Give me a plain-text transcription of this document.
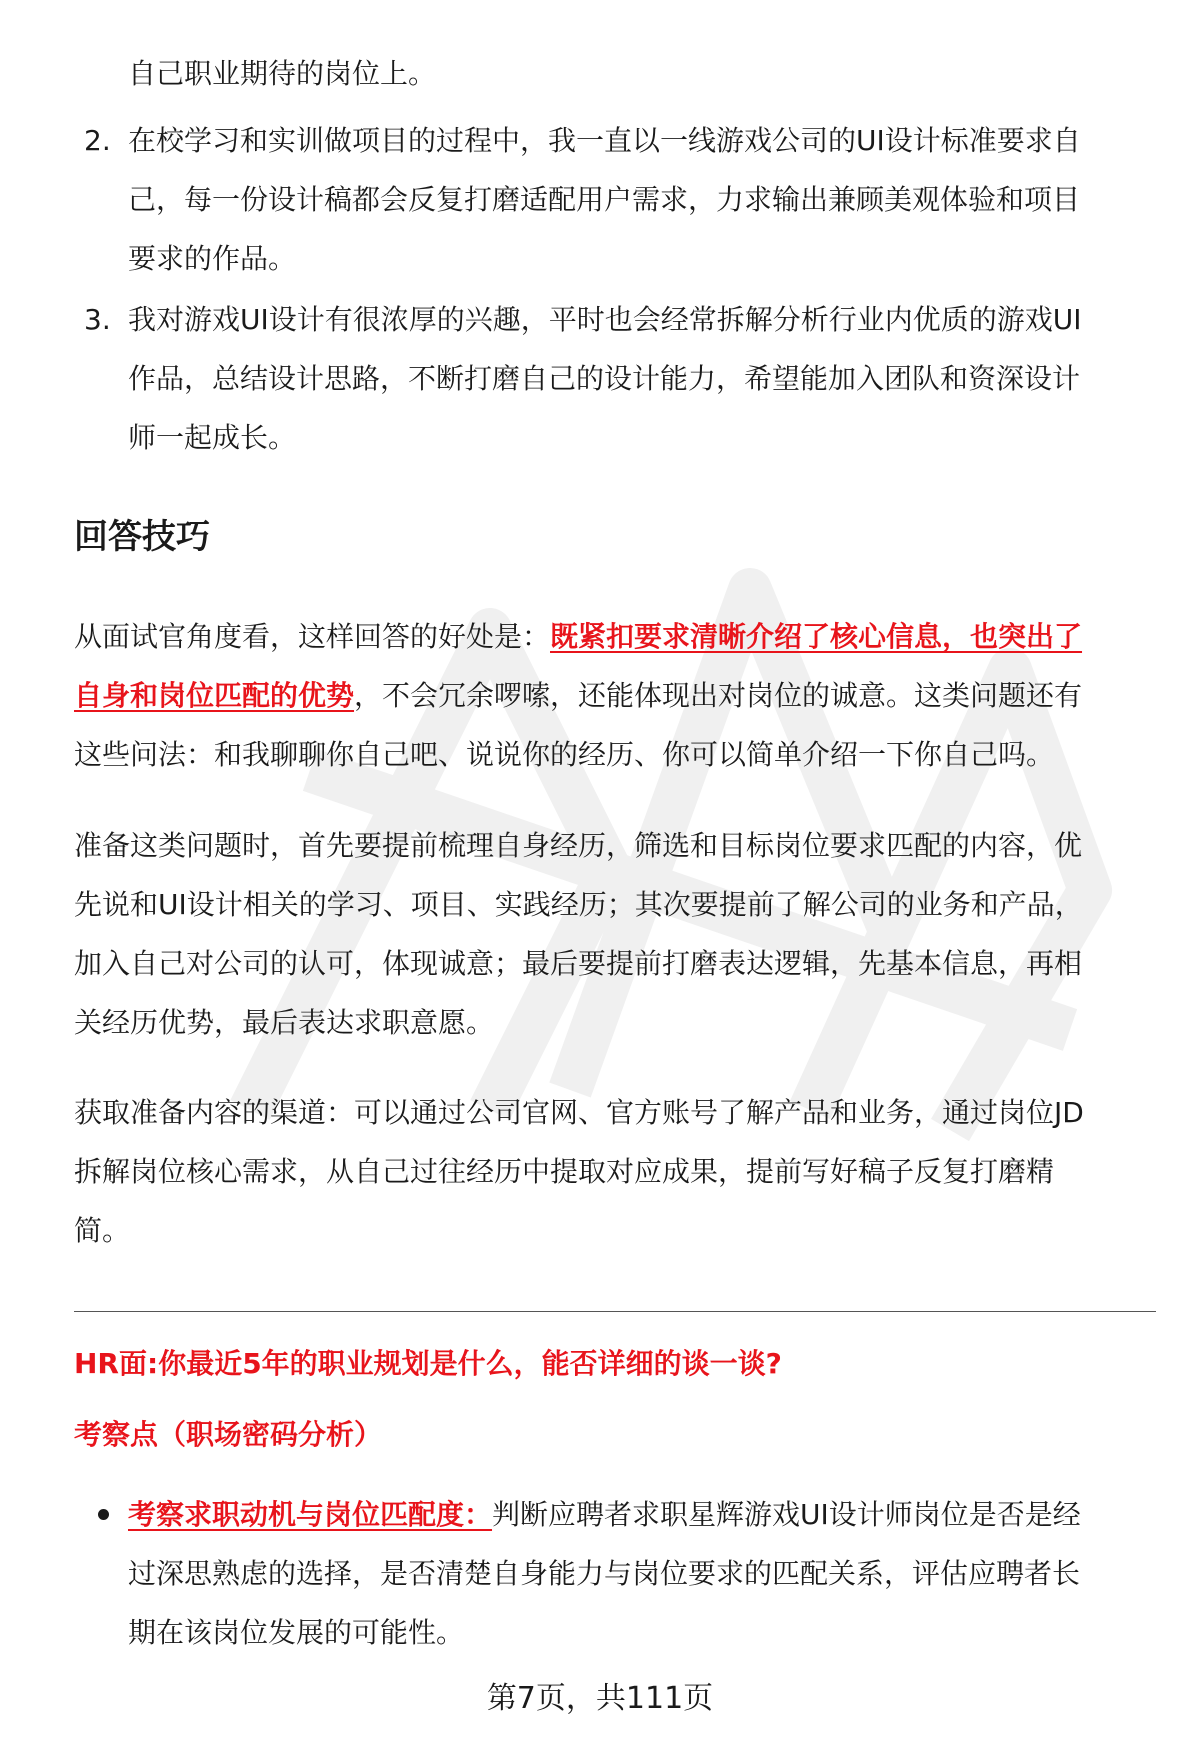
自己职业期待的岗位上。
2. 在校学习和实训做项目的过程中，我一直以一线游戏公司的UI设计标准要求自
己，每一份设计稿都会反复打磨适配用户需求，力求输出兼顾美观体验和项目
要求的作品。
3. 我对游戏UI设计有很浓厚的兴趣，平时也会经常拆解分析行业内优质的游戏UI
作品，总结设计思路，不断打磨自己的设计能力，希望能加入团队和资深设计
师一起成长。
回答技巧
从面试官角度看，这样回答的好处是：既紧扣要求清晰介绍了核心信息，也突出了
自身和岗位匹配的优势，不会冗余啰嗦，还能体现出对岗位的诚意。这类问题还有
这些问法：和我聊聊你自己吧、说说你的经历、你可以简单介绍一下你自己吗。
准备这类问题时，首先要提前梳理自身经历，筛选和目标岗位要求匹配的内容，优
先说和UI设计相关的学习、项目、实践经历；其次要提前了解公司的业务和产品，
加入自己对公司的认可，体现诚意；最后要提前打磨表达逻辑，先基本信息，再相
关经历优势，最后表达求职意愿。
获取准备内容的渠道：可以通过公司官网、官方账号了解产品和业务，通过岗位JD
拆解岗位核心需求，从自己过往经历中提取对应成果，提前写好稿子反复打磨精
简。
HR面:你最近5年的职业规划是什么，能否详细的谈一谈?
考察点（职场密码分析）
考察求职动机与岗位匹配度：判断应聘者求职星辉游戏UI设计师岗位是否是经
过深思熟虑的选择，是否清楚自身能力与岗位要求的匹配关系，评估应聘者长
期在该岗位发展的可能性。
第7页，共111页
